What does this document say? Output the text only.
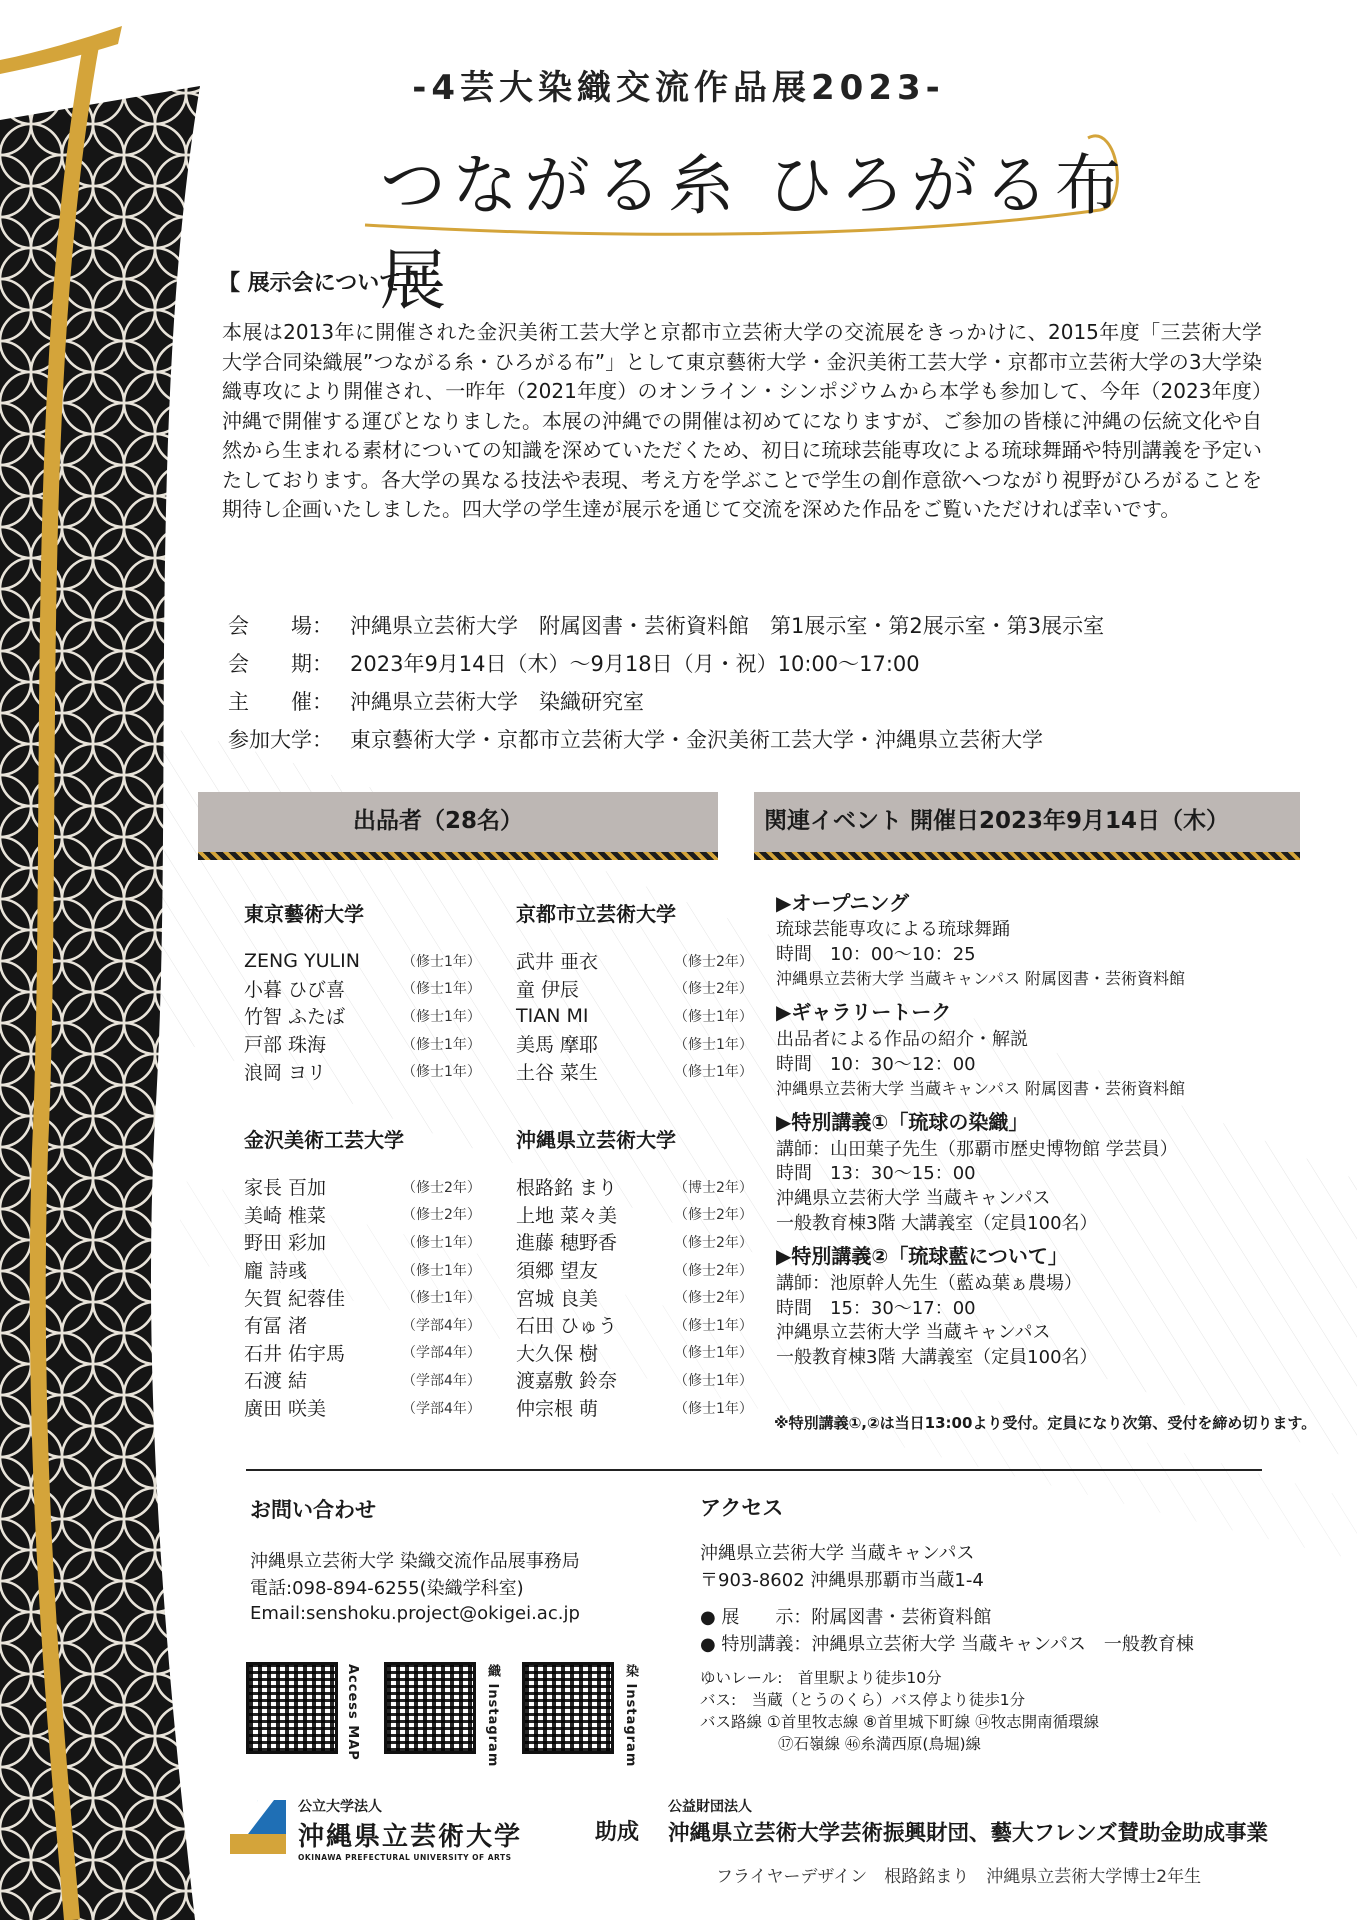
-4芸大染織交流作品展2023-
つながる糸 ひろがる布展
【 展示会について 】
本展は2013年に開催された金沢美術工芸大学と京都市立芸術大学の交流展をきっかけに、2015年度「三芸術大学大学合同染織展”つながる糸・ひろがる布”」として東京藝術大学・金沢美術工芸大学・京都市立芸術大学の3大学染織専攻により開催され、一昨年（2021年度）のオンライン・シンポジウムから本学も参加して、今年（2023年度）沖縄で開催する運びとなりました。本展の沖縄での開催は初めてになりますが、ご参加の皆様に沖縄の伝統文化や自然から生まれる素材についての知識を深めていただくため、初日に琉球芸能専攻による琉球舞踊や特別講義を予定いたしております。各大学の異なる技法や表現、考え方を学ぶことで学生の創作意欲へつながり視野がひろがることを期待し企画いたしました。四大学の学生達が展示を通じて交流を深めた作品をご覧いただければ幸いです。
会　　場： 沖縄県立芸術大学　附属図書・芸術資料館　第1展示室・第2展示室・第3展示室
会　　期： 2023年9月14日（木）〜9月18日（月・祝）10:00〜17:00
主　　催： 沖縄県立芸術大学　染織研究室
参加大学： 東京藝術大学・京都市立芸術大学・金沢美術工芸大学・沖縄県立芸術大学
出品者（28名）	関連イベント 開催日2023年9月14日（木）
東京藝術大学
ZENG YULIN	（修士1年）
小暮 ひび喜	（修士1年）
竹智 ふたば	（修士1年）
戸部 珠海	（修士1年）
浪岡 ヨリ	（修士1年）
京都市立芸術大学
武井 亜衣	（修士2年）
童 伊辰	（修士2年）
TIAN MI	（修士1年）
美馬 摩耶	（修士1年）
土谷 菜生	（修士1年）
金沢美術工芸大学
家長 百加	（修士2年）
美崎 椎菜	（修士2年）
野田 彩加	（修士1年）
龐 詩彧	（修士1年）
矢賀 紀蓉佳	（修士1年）
有冨 渚	（学部4年）
石井 佑宇馬	（学部4年）
石渡 結	（学部4年）
廣田 咲美	（学部4年）
沖縄県立芸術大学
根路銘 まり	（博士2年）
上地 菜々美	（修士2年）
進藤 穂野香	（修士2年）
須郷 望友	（修士2年）
宮城 良美	（修士2年）
石田 ひゅう	（修士1年）
大久保 樹	（修士1年）
渡嘉敷 鈴奈	（修士1年）
仲宗根 萌	（修士1年）
▶オープニング
琉球芸能専攻による琉球舞踊
時間　10：00〜10：25
沖縄県立芸術大学 当蔵キャンパス 附属図書・芸術資料館
▶ギャラリートーク
出品者による作品の紹介・解説
時間　10：30〜12：00
沖縄県立芸術大学 当蔵キャンパス 附属図書・芸術資料館
▶特別講義①「琉球の染織」
講師：山田葉子先生（那覇市歴史博物館 学芸員）
時間　13：30〜15：00
沖縄県立芸術大学 当蔵キャンパス
一般教育棟3階 大講義室（定員100名）
▶特別講義②「琉球藍について」
講師：池原幹人先生（藍ぬ葉ぁ農場）
時間　15：30〜17：00
沖縄県立芸術大学 当蔵キャンパス
一般教育棟3階 大講義室（定員100名）
※特別講義①,②は当日13:00より受付。定員になり次第、受付を締め切ります。
お問い合わせ
沖縄県立芸術大学 染織交流作品展事務局
電話:098-894-6255(染織学科室)
Email:senshoku.project@okigei.ac.jp
Access MAP	織 Instagram	染 Instagram
アクセス
沖縄県立芸術大学 当蔵キャンパス
〒903-8602 沖縄県那覇市当蔵1-4
● 展　　示：附属図書・芸術資料館
● 特別講義：沖縄県立芸術大学 当蔵キャンパス　一般教育棟
ゆいレール:　首里駅より徒歩10分
バス:　当蔵（とうのくら）バス停より徒歩1分
バス路線 ①首里牧志線 ⑧首里城下町線 ⑭牧志開南循環線
⑰石嶺線 ㊻糸満西原(鳥堀)線
公立大学法人
沖縄県立芸術大学
OKINAWA PREFECTURAL UNIVERSITY OF ARTS
助成
公益財団法人
沖縄県立芸術大学芸術振興財団、藝大フレンズ賛助金助成事業
フライヤーデザイン　根路銘まり　沖縄県立芸術大学博士2年生
